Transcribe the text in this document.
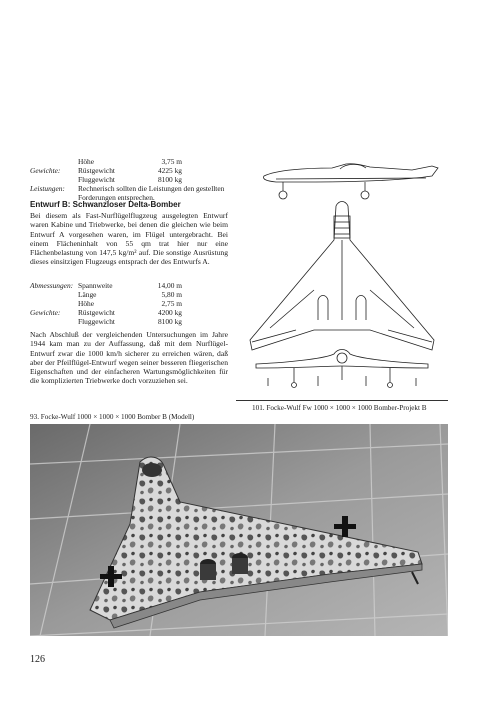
Höhe	3,75 m
Gewichte: Rüstgewicht	4225 kg
Fluggewicht	8100 kg
Leistungen: Rechnerisch sollten die Leistungen den gestellten
Forderungen entsprechen.
Entwurf B: Schwanzloser Delta-Bomber
Bei diesem als Fast-Nurflügelflugzeug ausgelegten Entwurf waren Kabine und Triebwerke, bei denen die gleichen wie beim Entwurf A vorgesehen waren, im Flügel untergebracht. Bei einem Flächeninhalt von 55 qm trat hier nur eine Flächenbelastung von 147,5 kg/m² auf. Die sonstige Ausrüstung dieses einsitzigen Flugzeugs entsprach der des Entwurfs A.
Abmessungen: Spannweite	14,00 m
Länge	5,80 m
Höhe	2,75 m
Gewichte: Rüstgewicht	4200 kg
Fluggewicht	8100 kg
Nach Abschluß der vergleichenden Untersuchungen im Jahre 1944 kam man zu der Auffassung, daß mit dem Nurflügel-Entwurf zwar die 1000 km/h sicherer zu erreichen wären, daß aber der Pfeilflügel-Entwurf wegen seiner besseren fliegerischen Eigenschaften und der einfacheren Wartungsmöglichkeiten für die komplizierten Triebwerke doch vorzuziehen sei.
101. Focke-Wulf Fw 1000 × 1000 × 1000 Bomber-Projekt B
93. Focke-Wulf 1000 × 1000 × 1000 Bomber B (Modell)
126
